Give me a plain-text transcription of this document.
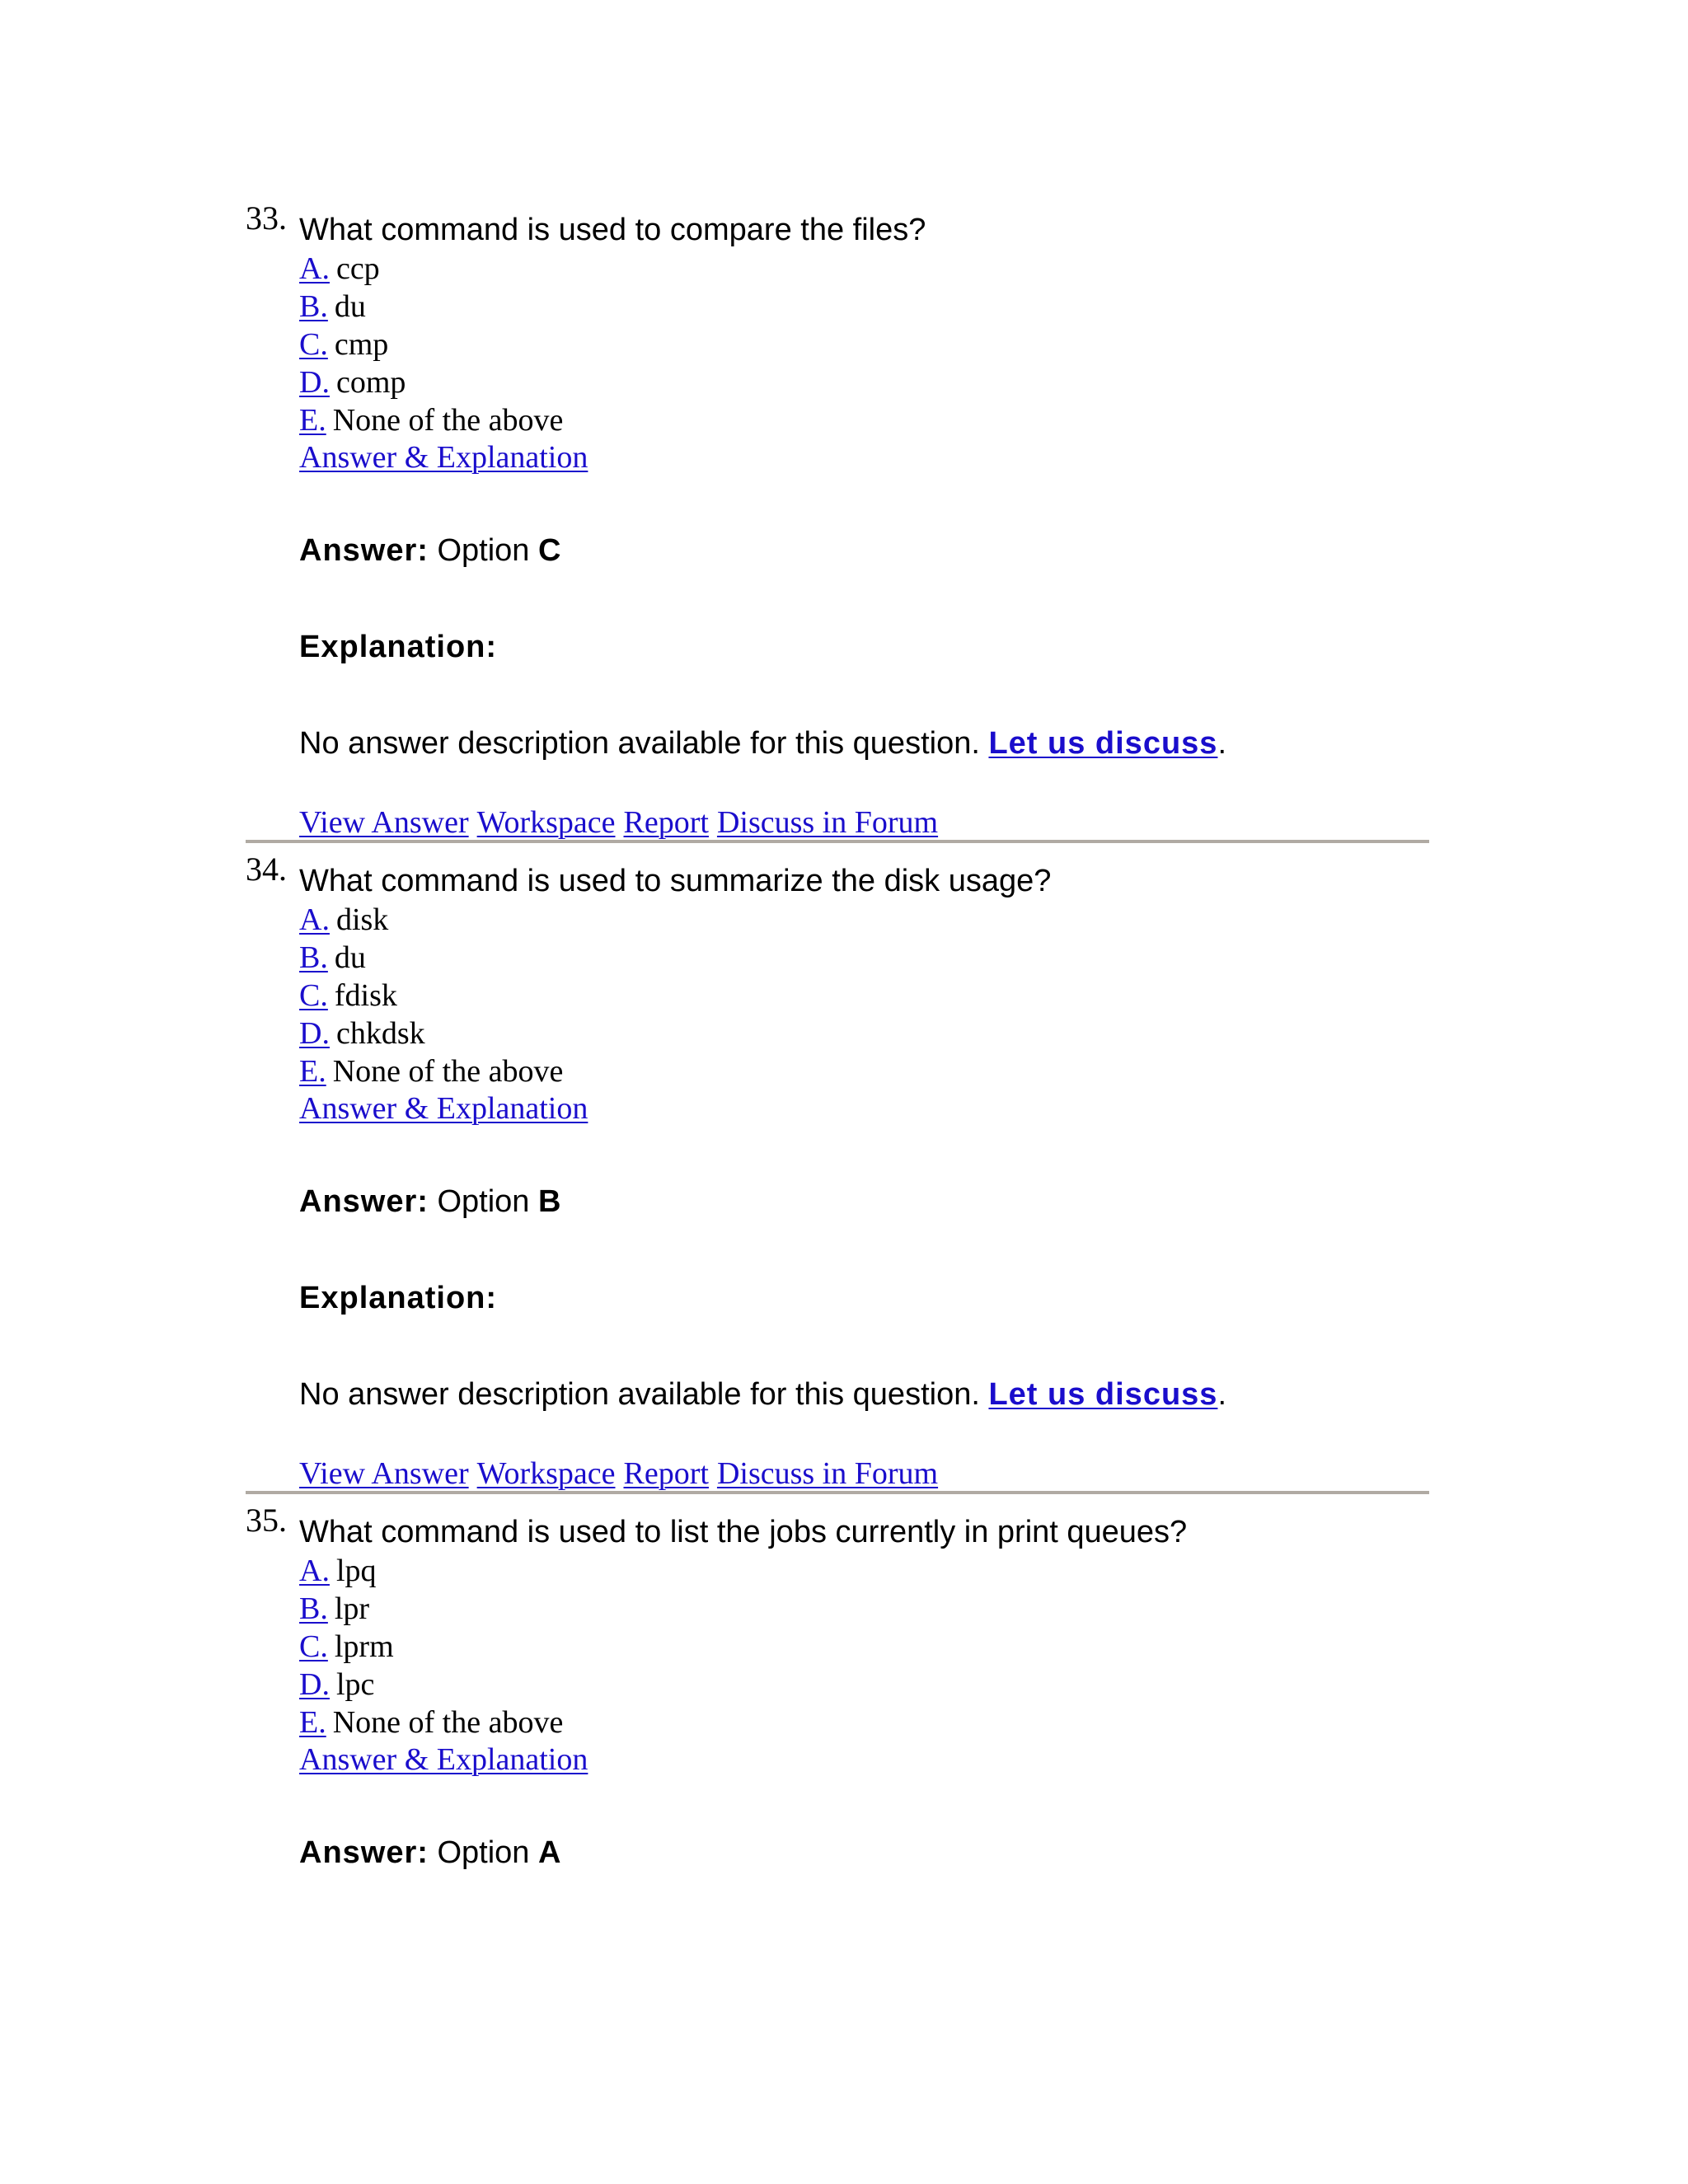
33. What command is used to compare the files?
A. ccp
B. du
C. cmp
D. comp
E. None of the above
Answer & Explanation
Answer: Option C
Explanation:
No answer description available for this question. Let us discuss.
View Answer Workspace Report Discuss in Forum
34. What command is used to summarize the disk usage?
A. disk
B. du
C. fdisk
D. chkdsk
E. None of the above
Answer & Explanation
Answer: Option B
Explanation:
No answer description available for this question. Let us discuss.
View Answer Workspace Report Discuss in Forum
35. What command is used to list the jobs currently in print queues?
A. lpq
B. lpr
C. lprm
D. lpc
E. None of the above
Answer & Explanation
Answer: Option A
